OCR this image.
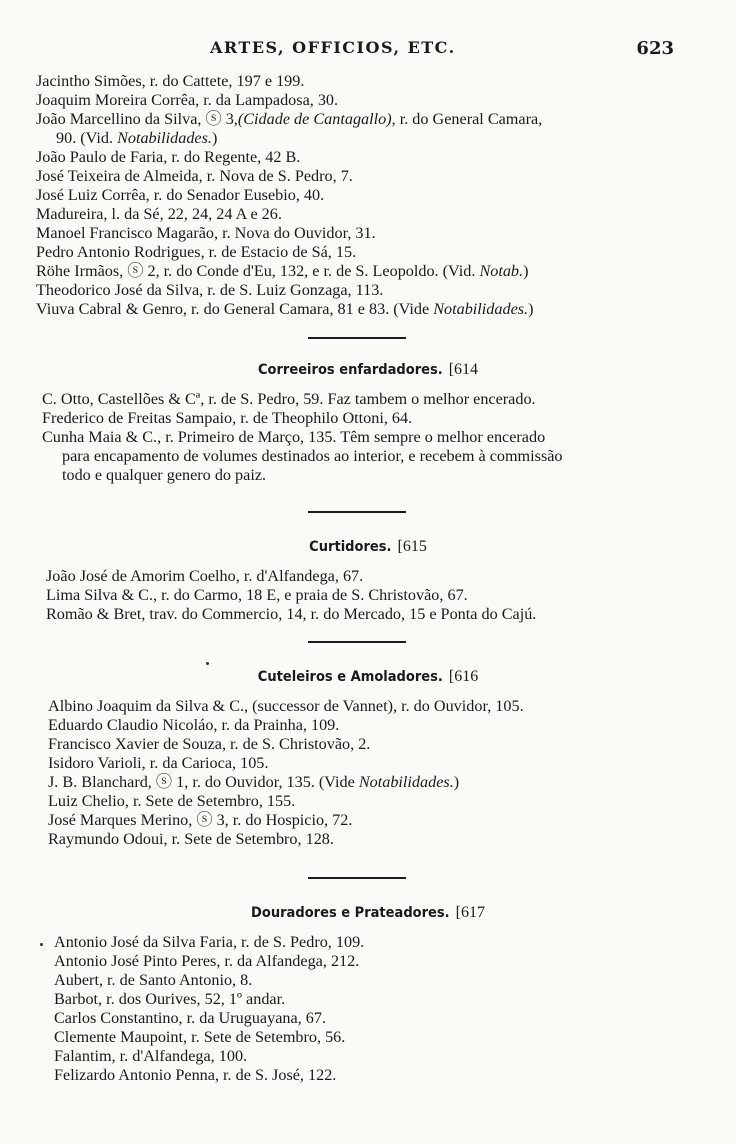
ARTES, OFFICIOS, ETC.	623
Jacintho Simões, r. do Cattete, 197 e 199.
Joaquim Moreira Corrêa, r. da Lampadosa, 30.
João Marcellino da Silva, ⓢ 3,(Cidade de Cantagallo), r. do General Camara,
90. (Vid. Notabilidades.)
João Paulo de Faria, r. do Regente, 42 B.
José Teixeira de Almeida, r. Nova de S. Pedro, 7.
José Luiz Corrêa, r. do Senador Eusebio, 40.
Madureira, l. da Sé, 22, 24, 24 A e 26.
Manoel Francisco Magarão, r. Nova do Ouvidor, 31.
Pedro Antonio Rodrigues, r. de Estacio de Sá, 15.
Röhe Irmãos, ⓢ 2, r. do Conde d'Eu, 132, e r. de S. Leopoldo. (Vid. Notab.)
Theodorico José da Silva, r. de S. Luiz Gonzaga, 113.
Viuva Cabral & Genro, r. do General Camara, 81 e 83. (Vide Notabilidades.)
Correeiros enfardadores. [614
C. Otto, Castellões & Cª, r. de S. Pedro, 59. Faz tambem o melhor encerado.
Frederico de Freitas Sampaio, r. de Theophilo Ottoni, 64.
Cunha Maia & C., r. Primeiro de Março, 135. Têm sempre o melhor encerado
para encapamento de volumes destinados ao interior, e recebem à commissão
todo e qualquer genero do paiz.
Curtidores. [615
João José de Amorim Coelho, r. d'Alfandega, 67.
Lima Silva & C., r. do Carmo, 18 E, e praia de S. Christovão, 67.
Romão & Bret, trav. do Commercio, 14, r. do Mercado, 15 e Ponta do Cajú.
Cuteleiros e Amoladores. [616
Albino Joaquim da Silva & C., (successor de Vannet), r. do Ouvidor, 105.
Eduardo Claudio Nicoláo, r. da Prainha, 109.
Francisco Xavier de Souza, r. de S. Christovão, 2.
Isidoro Varioli, r. da Carioca, 105.
J. B. Blanchard, ⓢ 1, r. do Ouvidor, 135. (Vide Notabilidades.)
Luiz Chelio, r. Sete de Setembro, 155.
José Marques Merino, ⓢ 3, r. do Hospicio, 72.
Raymundo Odoui, r. Sete de Setembro, 128.
Douradores e Prateadores. [617
Antonio José da Silva Faria, r. de S. Pedro, 109.
Antonio José Pinto Peres, r. da Alfandega, 212.
Aubert, r. de Santo Antonio, 8.
Barbot, r. dos Ourives, 52, 1º andar.
Carlos Constantino, r. da Uruguayana, 67.
Clemente Maupoint, r. Sete de Setembro, 56.
Falantim, r. d'Alfandega, 100.
Felizardo Antonio Penna, r. de S. José, 122.
